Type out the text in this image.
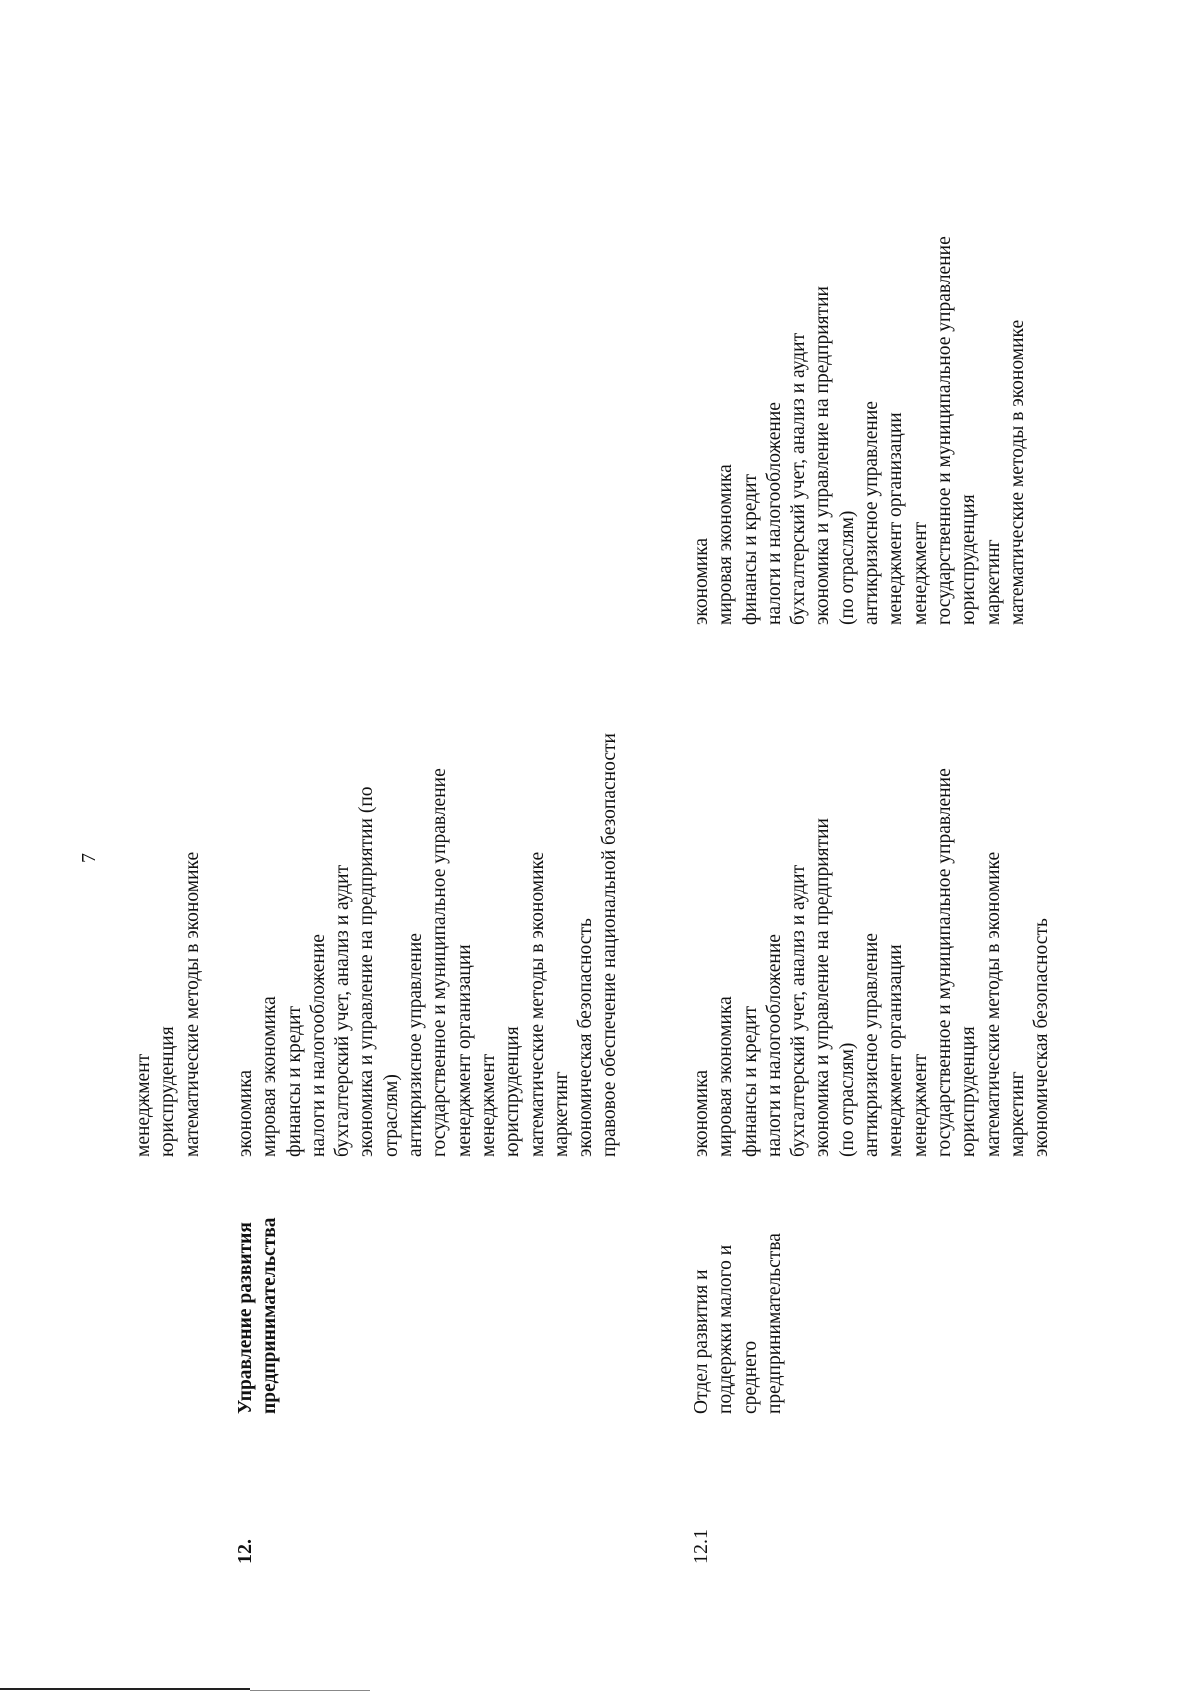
7
менеджмент юриспруденция математические методы в экономике
12.
Управление развития предпринимательства
экономика мировая экономика финансы и кредит налоги и налогообложение бухгалтерский учет, анализ и аудит экономика и управление на предприятии (по отраслям) антикризисное управление государственное и муниципальное управление менеджмент организации менеджмент юриспруденция математические методы в экономике маркетинг экономическая безопасность правовое обеспечение национальной безопасности
12.1
Отдел развития и поддержки малого и среднего предпринимательства
экономика мировая экономика финансы и кредит налоги и налогообложение бухгалтерский учет, анализ и аудит экономика и управление на предприятии (по отраслям) антикризисное управление менеджмент организации менеджмент государственное и муниципальное управление юриспруденция математические методы в экономике маркетинг экономическая безопасность
экономика мировая экономика финансы и кредит налоги и налогообложение бухгалтерский учет, анализ и аудит экономика и управление на предприятии (по отраслям) антикризисное управление менеджмент организации менеджмент государственное и муниципальное управление юриспруденция маркетинг математические методы в экономике
